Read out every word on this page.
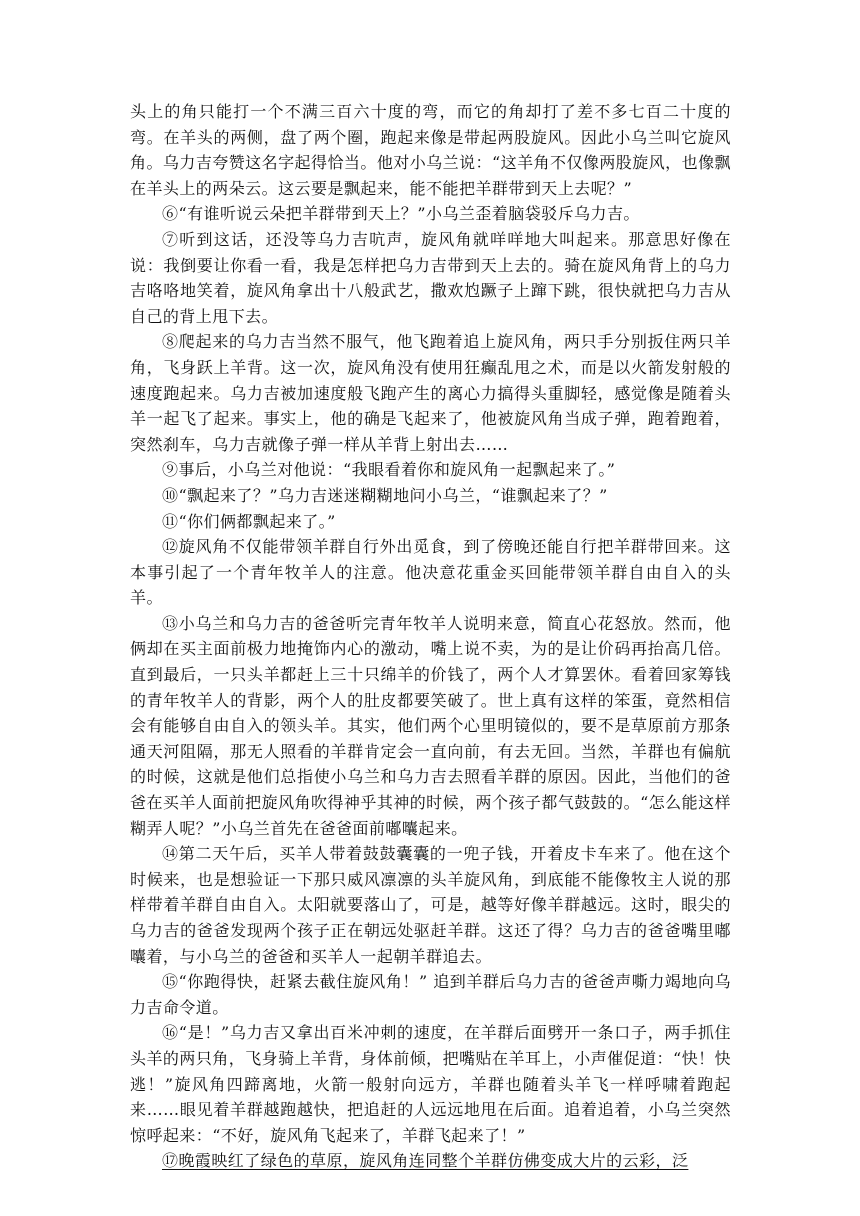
头上的角只能打一个不满三百六十度的弯，而它的角却打了差不多七百二十度的弯。在羊头的两侧，盘了两个圈，跑起来像是带起两股旋风。因此小乌兰叫它旋风角。乌力吉夸赞这名字起得恰当。他对小乌兰说：“这羊角不仅像两股旋风，也像飘在羊头上的两朵云。这云要是飘起来，能不能把羊群带到天上去呢？”

⑥“有谁听说云朵把羊群带到天上？”小乌兰歪着脑袋驳斥乌力吉。

⑦听到这话，还没等乌力吉吭声，旋风角就咩咩地大叫起来。那意思好像在说：我倒要让你看一看，我是怎样把乌力吉带到天上去的。骑在旋风角背上的乌力吉咯咯地笑着，旋风角拿出十八般武艺，撒欢尥蹶子上蹿下跳，很快就把乌力吉从自己的背上甩下去。

⑧爬起来的乌力吉当然不服气，他飞跑着追上旋风角，两只手分别扳住两只羊角，飞身跃上羊背。这一次，旋风角没有使用狂癫乱甩之术，而是以火箭发射般的速度跑起来。乌力吉被加速度般飞跑产生的离心力搞得头重脚轻，感觉像是随着头羊一起飞了起来。事实上，他的确是飞起来了，他被旋风角当成子弹，跑着跑着，突然刹车，乌力吉就像子弹一样从羊背上射出去……

⑨事后，小乌兰对他说：“我眼看着你和旋风角一起飘起来了。”

⑩“飘起来了？”乌力吉迷迷糊糊地问小乌兰，“谁飘起来了？”

⑪“你们俩都飘起来了。”

⑫旋风角不仅能带领羊群自行外出觅食，到了傍晚还能自行把羊群带回来。这本事引起了一个青年牧羊人的注意。他决意花重金买回能带领羊群自由自入的头羊。

⑬小乌兰和乌力吉的爸爸听完青年牧羊人说明来意，简直心花怒放。然而，他俩却在买主面前极力地掩饰内心的激动，嘴上说不卖，为的是让价码再抬高几倍。直到最后，一只头羊都赶上三十只绵羊的价钱了，两个人才算罢休。看着回家筹钱的青年牧羊人的背影，两个人的肚皮都要笑破了。世上真有这样的笨蛋，竟然相信会有能够自由自入的领头羊。其实，他们两个心里明镜似的，要不是草原前方那条通天河阻隔，那无人照看的羊群肯定会一直向前，有去无回。当然，羊群也有偏航的时候，这就是他们总指使小乌兰和乌力吉去照看羊群的原因。因此，当他们的爸爸在买羊人面前把旋风角吹得神乎其神的时候，两个孩子都气鼓鼓的。“怎么能这样糊弄人呢？”小乌兰首先在爸爸面前嘟囔起来。

⑭第二天午后，买羊人带着鼓鼓囊囊的一兜子钱，开着皮卡车来了。他在这个时候来，也是想验证一下那只威风凛凛的头羊旋风角，到底能不能像牧主人说的那样带着羊群自由自入。太阳就要落山了，可是，越等好像羊群越远。这时，眼尖的乌力吉的爸爸发现两个孩子正在朝远处驱赶羊群。这还了得？乌力吉的爸爸嘴里嘟囔着，与小乌兰的爸爸和买羊人一起朝羊群追去。

⑮“你跑得快，赶紧去截住旋风角！” 追到羊群后乌力吉的爸爸声嘶力竭地向乌力吉命令道。

⑯“是！”乌力吉又拿出百米冲刺的速度，在羊群后面劈开一条口子，两手抓住头羊的两只角，飞身骑上羊背，身体前倾，把嘴贴在羊耳上，小声催促道：“快！快逃！”旋风角四蹄离地，火箭一般射向远方，羊群也随着头羊飞一样呼啸着跑起来……眼见着羊群越跑越快，把追赶的人远远地甩在后面。追着追着，小乌兰突然惊呼起来：“不好，旋风角飞起来了，羊群飞起来了！”

⑰晚霞映红了绿色的草原，旋风角连同整个羊群仿佛变成大片的云彩，泛
